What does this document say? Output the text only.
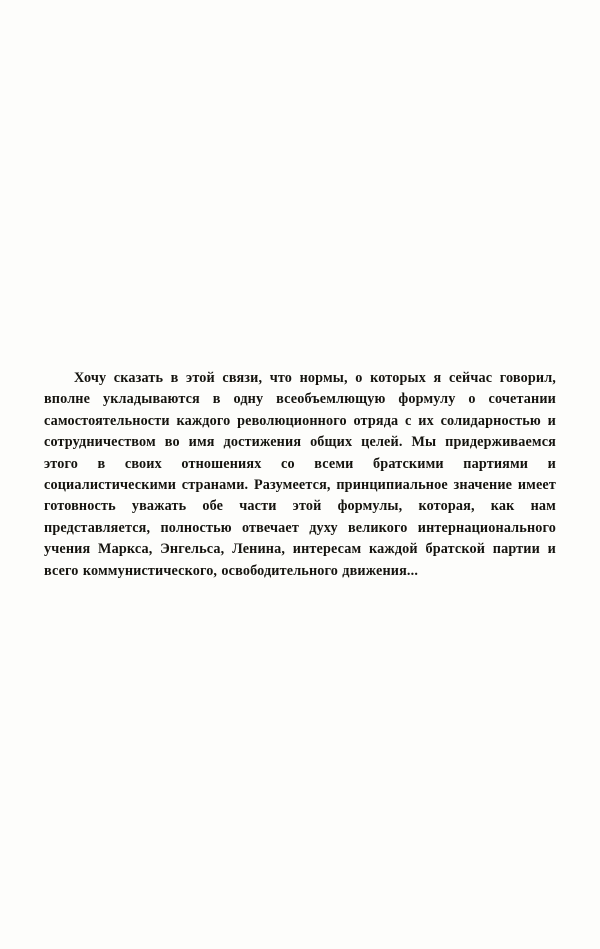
Хочу сказать в этой связи, что нормы, о которых я сейчас говорил, вполне укладываются в одну всеобъемлющую формулу о сочетании самостоятельности каждого революционного отряда с их солидарностью и сотрудничеством во имя достижения общих целей. Мы придерживаемся этого в своих отношениях со всеми братскими партиями и социалистическими странами. Разумеется, принципиальное значение имеет готовность уважать обе части этой формулы, которая, как нам представляется, полностью отвечает духу великого интернационального учения Маркса, Энгельса, Ленина, интересам каждой братской партии и всего коммунистического, освободительного движения...
